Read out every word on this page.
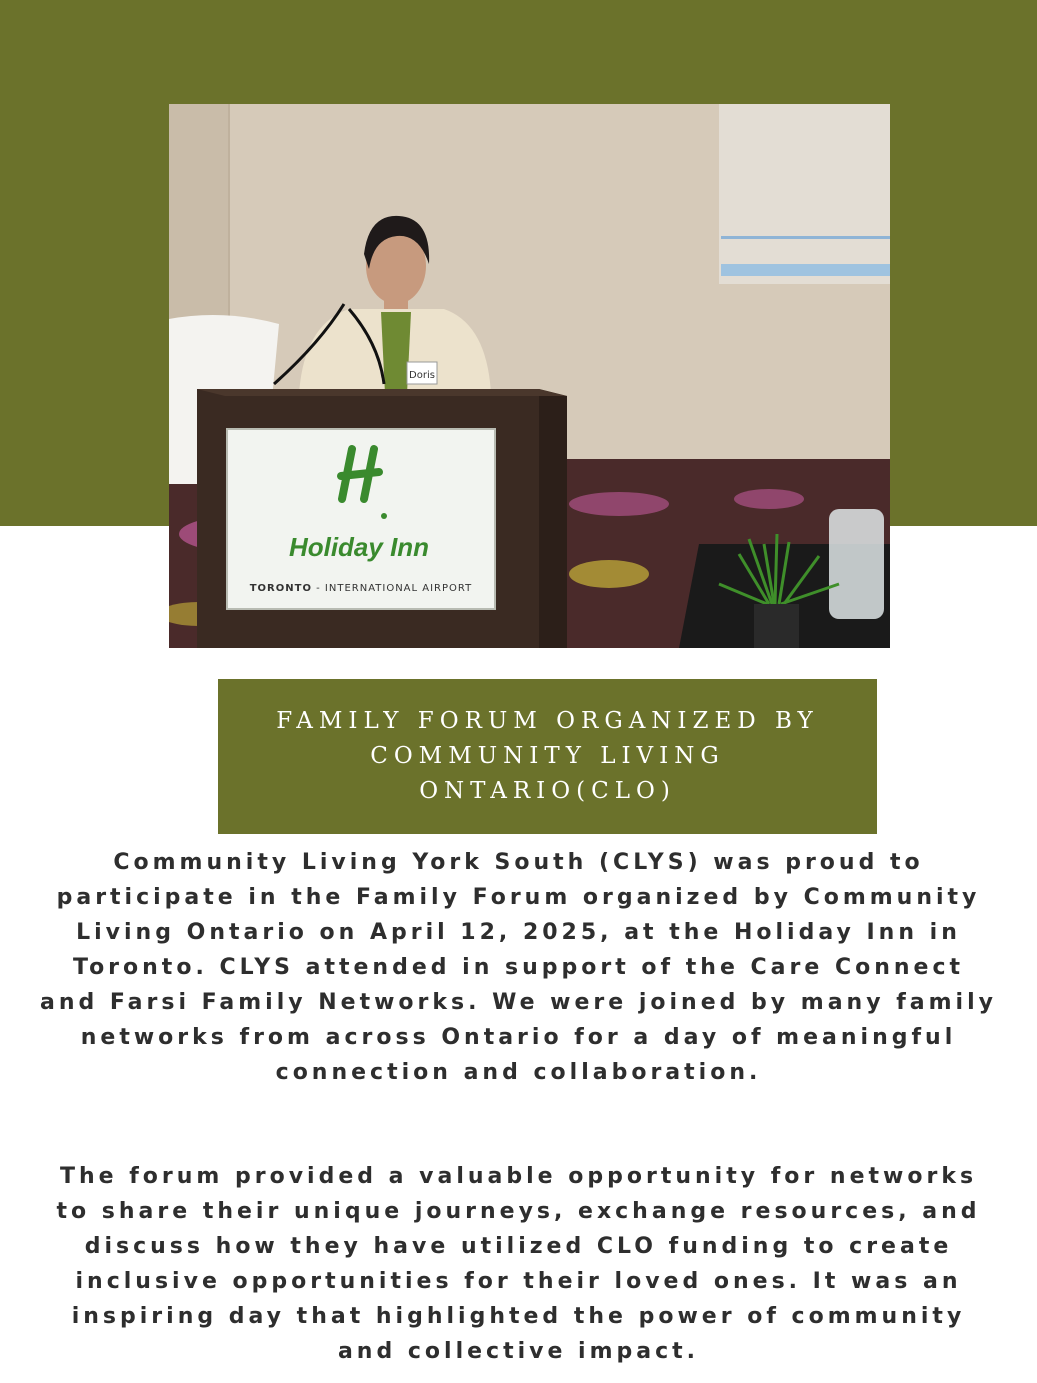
Doris
Holiday Inn
TORONTO - INTERNATIONAL AIRPORT
FAMILY FORUM ORGANIZED BY COMMUNITY LIVING ONTARIO(CLO)

Community Living York South (CLYS) was proud to participate in the Family Forum organized by Community Living Ontario on April 12, 2025, at the Holiday Inn in Toronto. CLYS attended in support of the Care Connect and Farsi Family Networks. We were joined by many family networks from across Ontario for a day of meaningful connection and collaboration.

The forum provided a valuable opportunity for networks to share their unique journeys, exchange resources, and discuss how they have utilized CLO funding to create inclusive opportunities for their loved ones. It was an inspiring day that highlighted the power of community and collective impact.
